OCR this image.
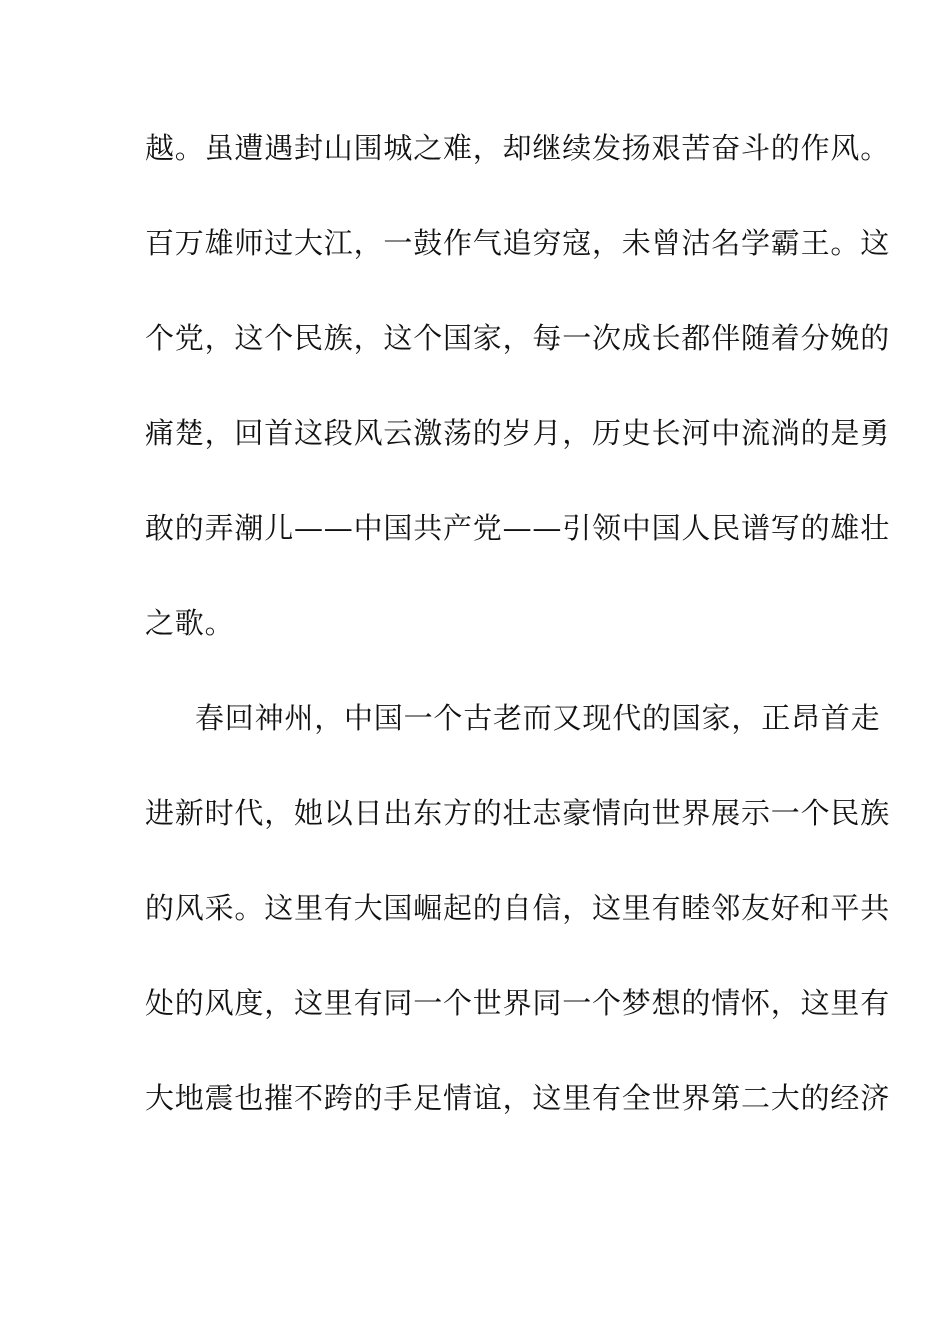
越。虽遭遇封山围城之难，却继续发扬艰苦奋斗的作风。
百万雄师过大江，一鼓作气追穷寇，未曾沽名学霸王。这
个党，这个民族，这个国家，每一次成长都伴随着分娩的
痛楚，回首这段风云激荡的岁月，历史长河中流淌的是勇
敢的弄潮儿——中国共产党——引领中国人民谱写的雄壮
之歌。
春回神州，中国一个古老而又现代的国家，正昂首走
进新时代，她以日出东方的壮志豪情向世界展示一个民族
的风采。这里有大国崛起的自信，这里有睦邻友好和平共
处的风度，这里有同一个世界同一个梦想的情怀，这里有
大地震也摧不跨的手足情谊，这里有全世界第二大的经济
